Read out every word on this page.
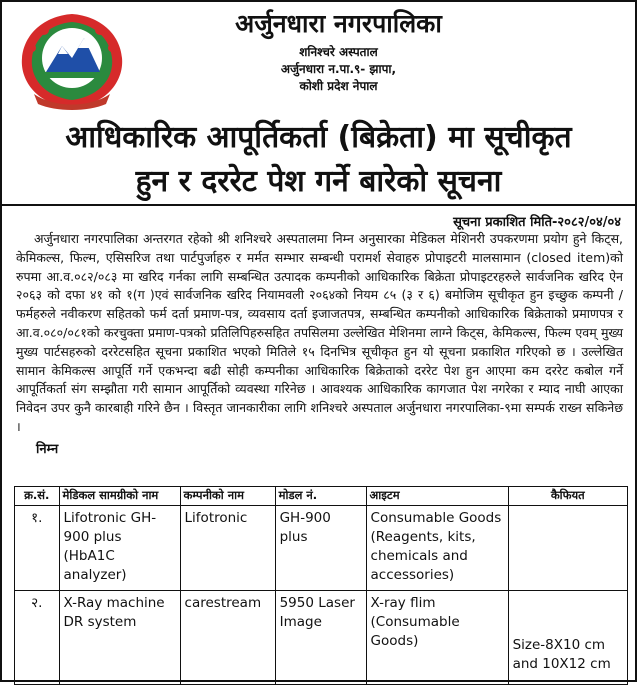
अर्जुनधारा नगरपालिका
शनिश्चरे अस्पताल
अर्जुनधारा न.पा.९- झापा,
कोशी प्रदेश नेपाल
आधिकारिक आपूर्तिकर्ता (बिक्रेता) मा सूचीकृत
हुन र दररेट पेश गर्ने बारेको सूचना
सूचना प्रकाशित मिति-२०८२/०४/०४
अर्जुनधारा नगरपालिका अन्तरगत रहेको श्री शनिश्चरे अस्पतालमा निम्न अनुसारका मेडिकल मेशिनरी उपकरणमा प्रयोग हुने किट्स, केमिकल्स, फिल्म, एसिसरिज तथा पार्टपुर्जाहरु र मर्मत सम्भार सम्बन्धी परामर्श सेवाहरु प्रोपाइटरी मालसामान (closed item)को रुपमा आ.व.०८२/०८३ मा खरिद गर्नका लागि सम्बन्धित उत्पादक कम्पनीको आधिकारिक बिक्रेता प्रोपाइटरहरुले सार्वजनिक खरिद ऐन २०६३ को दफा ४१ को १(ग )एवं सार्वजनिक खरिद नियामवली २०६४को नियम ८५ (३ र ६) बमोजिम सूचीकृत हुन इच्छुक कम्पनी / फर्महरुले नवीकरण सहितको फर्म दर्ता प्रमाण-पत्र, व्यवसाय दर्ता इजाजतपत्र, सम्बन्धित कम्पनीको आधिकारिक बिक्रेताको प्रमाणपत्र र आ.व.०८०/०८१को करचुक्ता प्रमाण-पत्रको प्रतिलिपिहरुसहित तपसिलमा उल्लेखित मेशिनमा लाग्ने किट्स, केमिकल्स, फिल्म एवम् मुख्य मुख्य पार्टसहरुको दररेटसहित सूचना प्रकाशित भएको मितिले १५ दिनभित्र सूचीकृत हुन यो सूचना प्रकाशित गरिएको छ । उल्लेखित सामान केमिकल्स आपूर्ति गर्ने एकभन्दा बढी सोही कम्पनीका आधिकारिक बिक्रेताको दररेट पेश हुन आएमा कम दररेट कबोल गर्ने आपूर्तिकर्ता संग सम्झौता गरी सामान आपूर्तिको व्यवस्था गरिनेछ । आवश्यक आधिकारिक कागजात पेश नगरेका र म्याद नाघी आएका निवेदन उपर कुनै कारबाही गरिने छैन । विस्तृत जानकारीका लागि शनिश्चरे अस्पताल अर्जुनधारा नगरपालिका-९मा सम्पर्क राख्न सकिनेछ ।
निम्न
क्र.सं.	मेडिकल सामग्रीको नाम	कम्पनीको नाम	मोडल नं.	आइटम	कैफियत
१.	Lifotronic GH-900 plus (HbA1C analyzer)	Lifotronic	GH-900 plus	Consumable Goods (Reagents, kits, chemicals and accessories)	
२.	X-Ray machine DR system	carestream	5950 Laser Image	X-ray flim (Consumable Goods)	Size-8X10 cm and 10X12 cm
